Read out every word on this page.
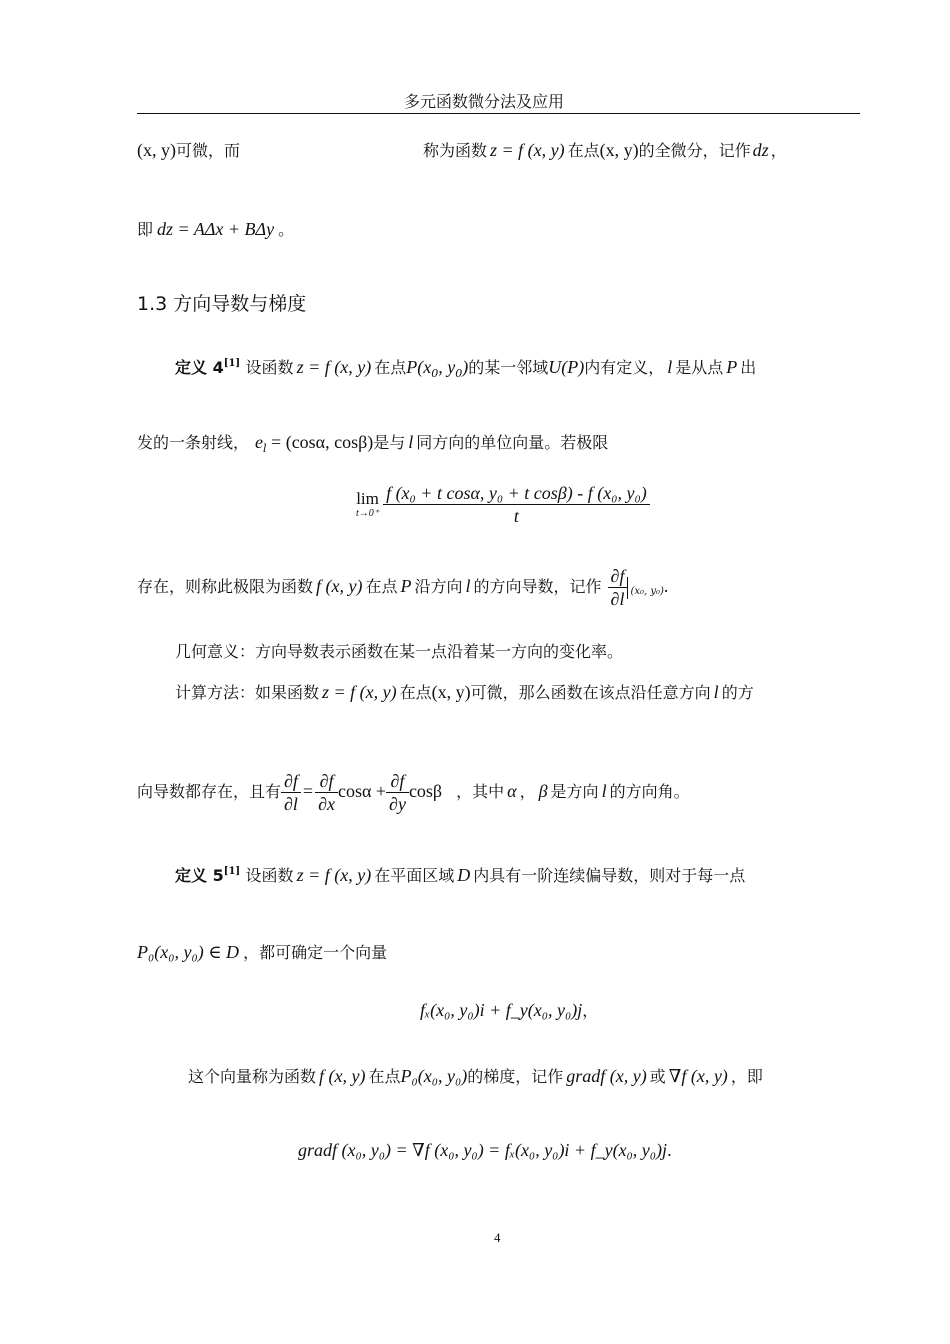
多元函数微分法及应用
(x, y)可微，而	称为函数 z = f (x, y) 在点(x, y)的全微分，记作 dz ，
即 dz = AΔx + BΔy 。
1.3 方向导数与梯度
定义 4[1] 设函数 z = f (x, y) 在点$P(x_0$, $y_0$)的某一邻域U(P)内有定义， l 是从点 P 出
发的一条射线， $e_l = (\cos\alpha$, cosβ)是与 l 同方向的单位向量。若极限
lim
$t\to 0^+ \frac{\text{f (x₀ + t cosα, y₀ + t cosβ) - f (x₀, y₀)}}{t}$
存在，则称此极限为函数 f (x, y) 在点 P 沿方向 l 的方向导数，记作 $\frac{\partial f}{\partial l} (x_0$, y₀).
几何意义：方向导数表示函数在某一点沿着某一方向的变化率。
计算方法：如果函数 z = f (x, y) 在点(x, y)可微，那么函数在该点沿任意方向 l 的方
向导数都存在，且有 $\frac{\partial f}{\partial l} = \frac{\partial f}{\partial x}$ $\cos\alpha + \frac{\partial f}{\partial y}$ cosβ ，其中 α ， β 是方向 l 的方向角。
定义 5[1] 设函数 z = f (x, y) 在平面区域 D 内具有一阶连续偏导数，则对于每一点
P₀(x₀, y₀) ∈ D ，都可确定一个向量
fₓ(x₀, y₀)i + f_y(x₀, y₀)j，
这个向量称为函数 f (x, y) 在点P₀(x₀, y₀)的梯度，记作 gradf (x, y) 或 ∇f (x, y) ，即
gradf (x₀, y₀) = ∇f (x₀, y₀) = fₓ(x₀, y₀)i + f_y(x₀, y₀)j.
4
